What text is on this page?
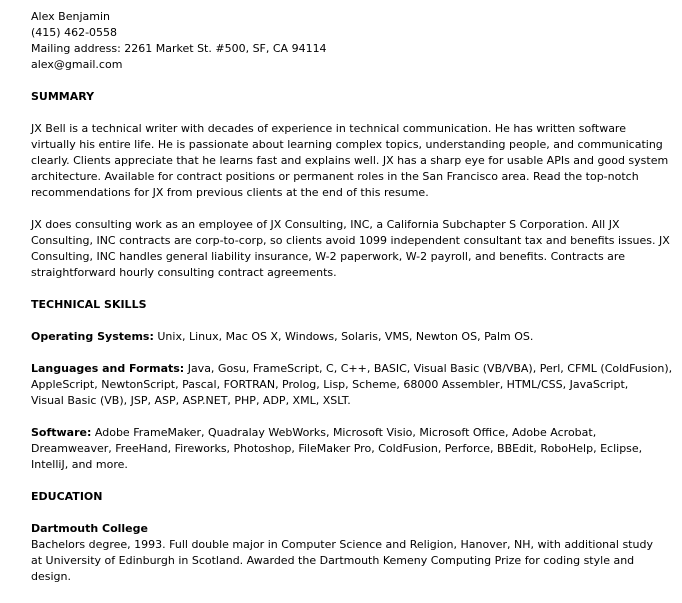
Alex Benjamin
(415) 462-0558
Mailing address: 2261 Market St. #500, SF, CA 94114
alex@gmail.com
SUMMARY
JX Bell is a technical writer with decades of experience in technical communication. He has written software
virtually his entire life. He is passionate about learning complex topics, understanding people, and communicating
clearly. Clients appreciate that he learns fast and explains well. JX has a sharp eye for usable APIs and good system
architecture. Available for contract positions or permanent roles in the San Francisco area. Read the top-notch
recommendations for JX from previous clients at the end of this resume.
JX does consulting work as an employee of JX Consulting, INC, a California Subchapter S Corporation. All JX
Consulting, INC contracts are corp-to-corp, so clients avoid 1099 independent consultant tax and benefits issues. JX
Consulting, INC handles general liability insurance, W-2 paperwork, W-2 payroll, and benefits. Contracts are
straightforward hourly consulting contract agreements.
TECHNICAL SKILLS
Operating Systems: Unix, Linux, Mac OS X, Windows, Solaris, VMS, Newton OS, Palm OS.
Languages and Formats: Java, Gosu, FrameScript, C, C++, BASIC, Visual Basic (VB/VBA), Perl, CFML (ColdFusion),
AppleScript, NewtonScript, Pascal, FORTRAN, Prolog, Lisp, Scheme, 68000 Assembler, HTML/CSS, JavaScript,
Visual Basic (VB), JSP, ASP, ASP.NET, PHP, ADP, XML, XSLT.
Software: Adobe FrameMaker, Quadralay WebWorks, Microsoft Visio, Microsoft Office, Adobe Acrobat,
Dreamweaver, FreeHand, Fireworks, Photoshop, FileMaker Pro, ColdFusion, Perforce, BBEdit, RoboHelp, Eclipse,
IntelliJ, and more.
EDUCATION
Dartmouth College
Bachelors degree, 1993. Full double major in Computer Science and Religion, Hanover, NH, with additional study
at University of Edinburgh in Scotland. Awarded the Dartmouth Kemeny Computing Prize for coding style and
design.
